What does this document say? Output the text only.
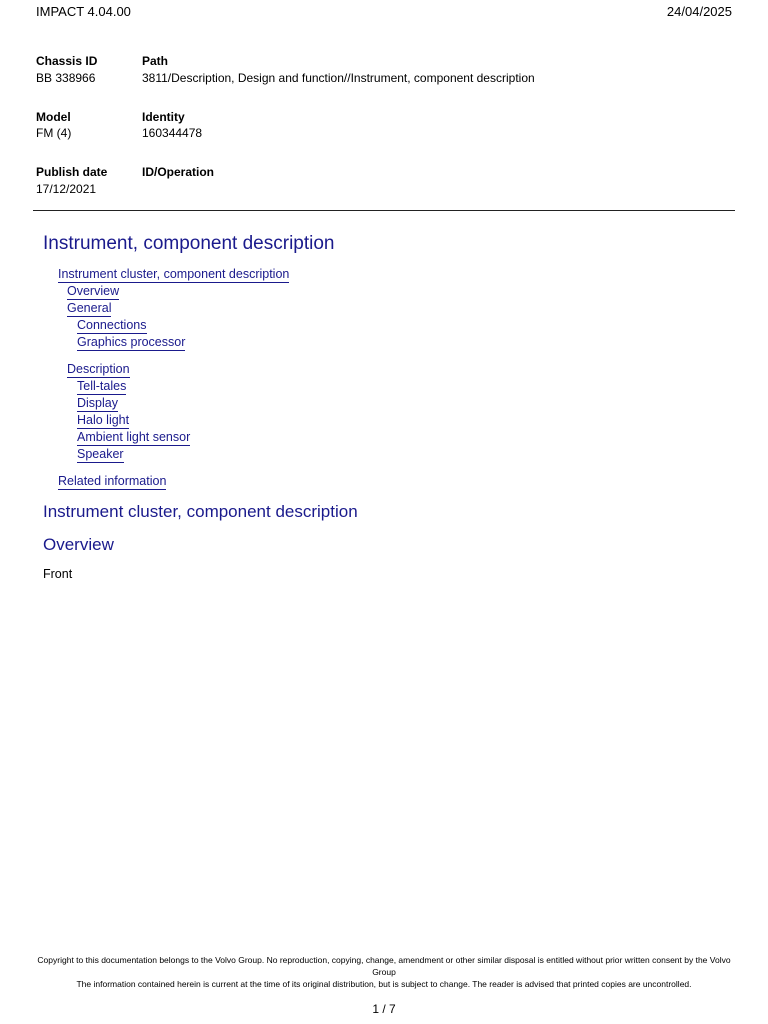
IMPACT 4.04.00	24/04/2025
Chassis ID
BB 338966
Path
3811/Description, Design and function//Instrument, component description
Model
FM (4)
Identity
160344478
Publish date
17/12/2021
ID/Operation
Instrument, component description
Instrument cluster, component description
Overview
General
Connections
Graphics processor
Description
Tell-tales
Display
Halo light
Ambient light sensor
Speaker
Related information
Instrument cluster, component description
Overview
Front
Copyright to this documentation belongs to the Volvo Group. No reproduction, copying, change, amendment or other similar disposal is entitled without prior written consent by the Volvo Group
The information contained herein is current at the time of its original distribution, but is subject to change. The reader is advised that printed copies are uncontrolled.
1 / 7
